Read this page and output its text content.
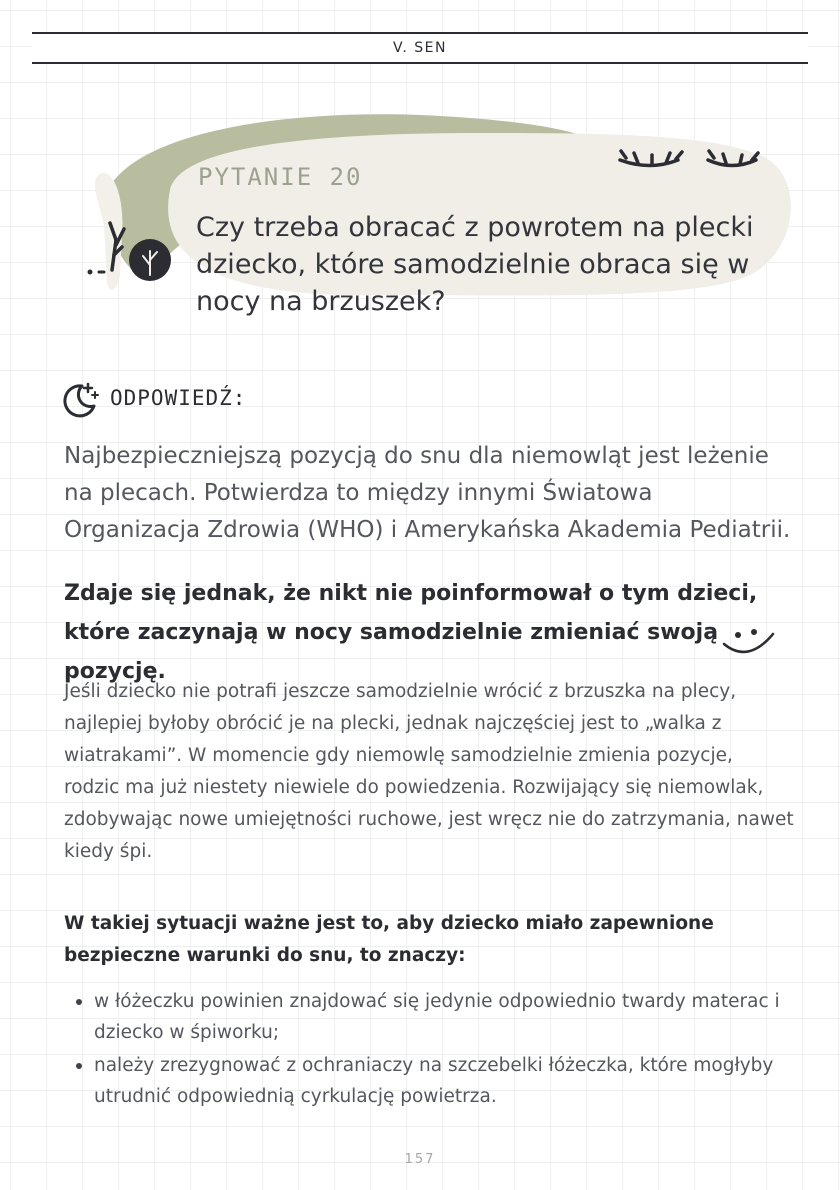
V. SEN
PYTANIE 20
Czy trzeba obracać z powrotem na plecki dziecko, które samodzielnie obraca się w nocy na brzuszek?
ODPOWIEDŹ:
Najbezpieczniejszą pozycją do snu dla niemowląt jest leżenie na plecach. Potwierdza to między innymi Światowa Organizacja Zdrowia (WHO) i Amerykańska Akademia Pediatrii.
Zdaje się jednak, że nikt nie poinformował o tym dzieci, które zaczynają w nocy samodzielnie zmieniać swoją pozycję.
Jeśli dziecko nie potrafi jeszcze samodzielnie wrócić z brzuszka na plecy, najlepiej byłoby obrócić je na plecki, jednak najczęściej jest to „walka z wiatrakami”. W momencie gdy niemowlę samodzielnie zmienia pozycje, rodzic ma już niestety niewiele do powiedzenia. Rozwijający się niemowlak, zdobywając nowe umiejętności ruchowe, jest wręcz nie do zatrzymania, nawet kiedy śpi.
W takiej sytuacji ważne jest to, aby dziecko miało zapewnione bezpieczne warunki do snu, to znaczy:
w łóżeczku powinien znajdować się jedynie odpowiednio twardy materac i dziecko w śpiworku;
należy zrezygnować z ochraniaczy na szczebelki łóżeczka, które mogłyby utrudnić odpowiednią cyrkulację powietrza.
157
